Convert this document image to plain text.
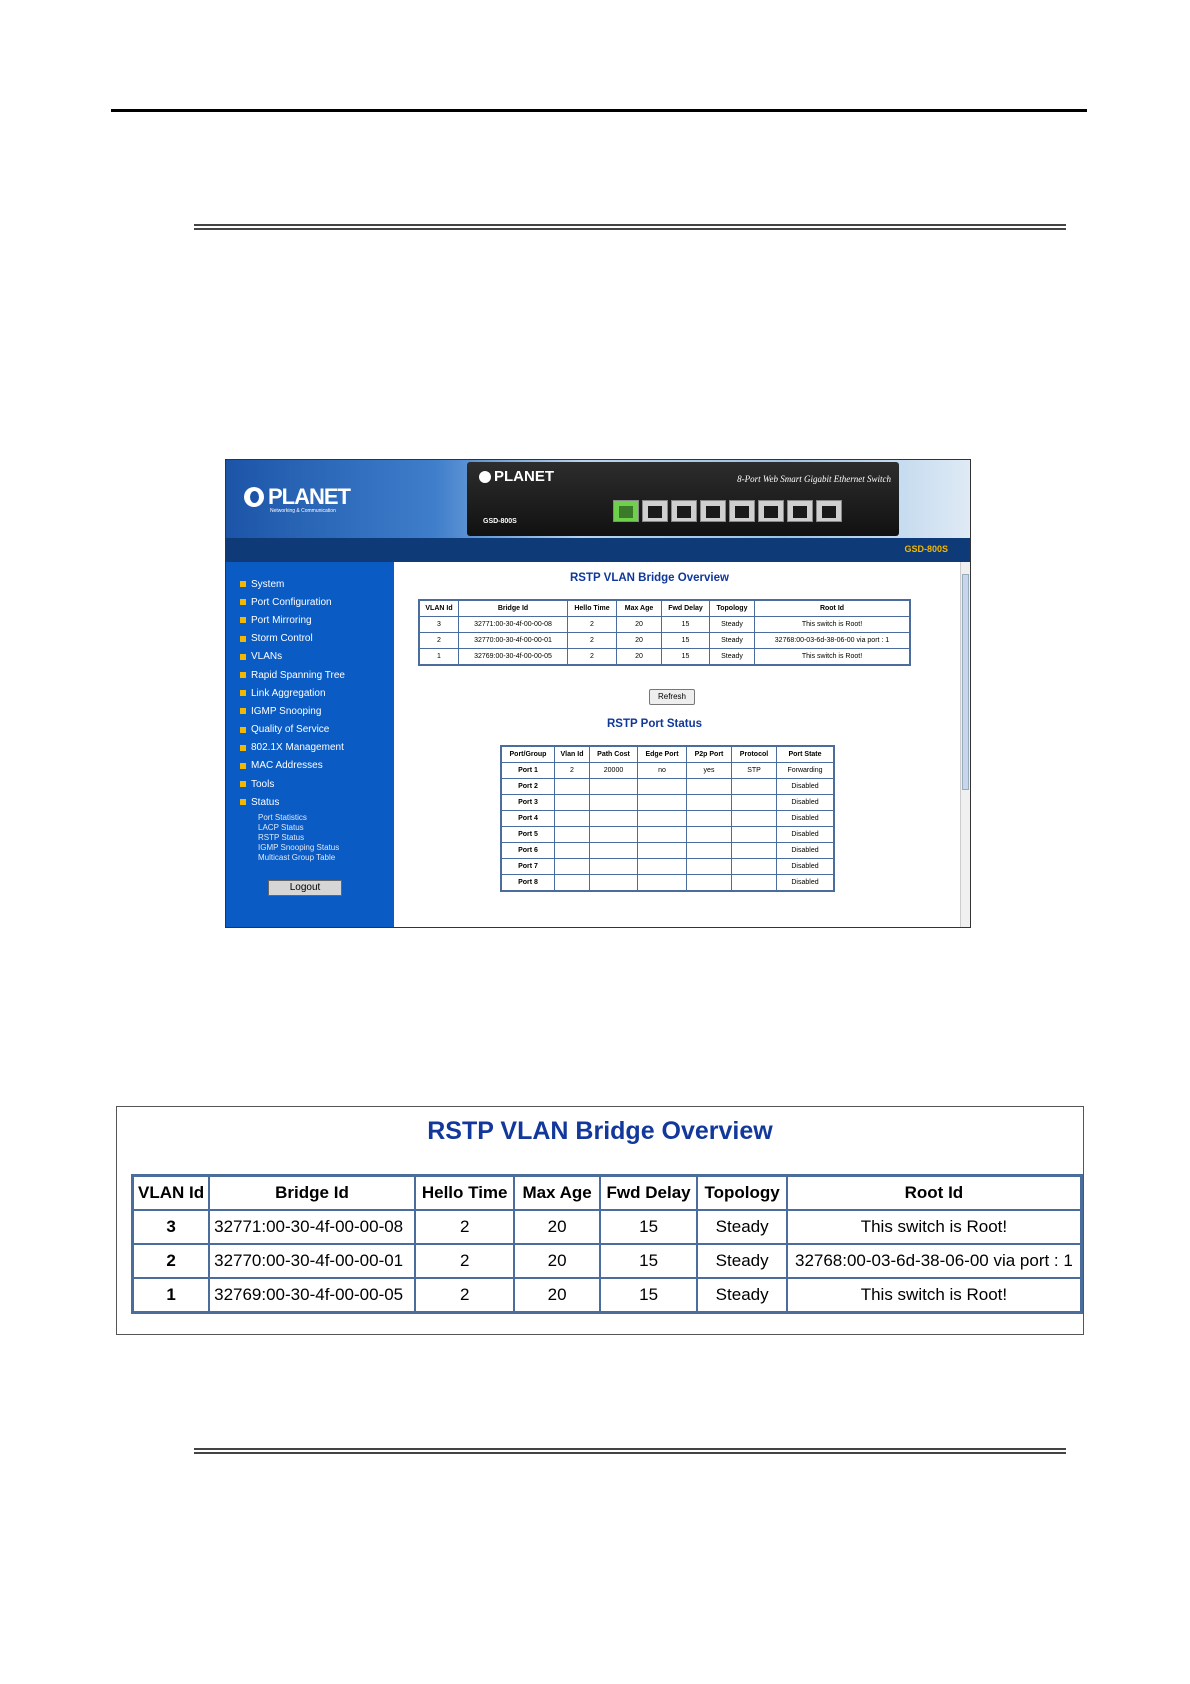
PLANET
Networking & Communication
PLANET	8-Port Web Smart Gigabit Ethernet Switch
GSD-800S
GSD-800S
System
Port Configuration
Port Mirroring
Storm Control
VLANs
Rapid Spanning Tree
Link Aggregation
IGMP Snooping
Quality of Service
802.1X Management
MAC Addresses
Tools
Status
Port Statistics
LACP Status
RSTP Status
IGMP Snooping Status
Multicast Group Table
Logout
RSTP VLAN Bridge Overview
VLAN Id	Bridge Id	Hello Time	Max Age	Fwd Delay	Topology	Root Id
3	32771:00-30-4f-00-00-08	2	20	15	Steady	This switch is Root!
2	32770:00-30-4f-00-00-01	2	20	15	Steady	32768:00-03-6d-38-06-00 via port : 1
1	32769:00-30-4f-00-00-05	2	20	15	Steady	This switch is Root!
Refresh
RSTP Port Status
Port/Group	Vlan Id	Path Cost	Edge Port	P2p Port	Protocol	Port State
Port 1	2	20000	no	yes	STP	Forwarding
Port 2						Disabled
Port 3						Disabled
Port 4						Disabled
Port 5						Disabled
Port 6						Disabled
Port 7						Disabled
Port 8						Disabled
RSTP VLAN Bridge Overview
VLAN Id	Bridge Id	Hello Time	Max Age	Fwd Delay	Topology	Root Id
3	32771:00-30-4f-00-00-08	2	20	15	Steady	This switch is Root!
2	32770:00-30-4f-00-00-01	2	20	15	Steady	32768:00-03-6d-38-06-00 via port : 1
1	32769:00-30-4f-00-00-05	2	20	15	Steady	This switch is Root!
